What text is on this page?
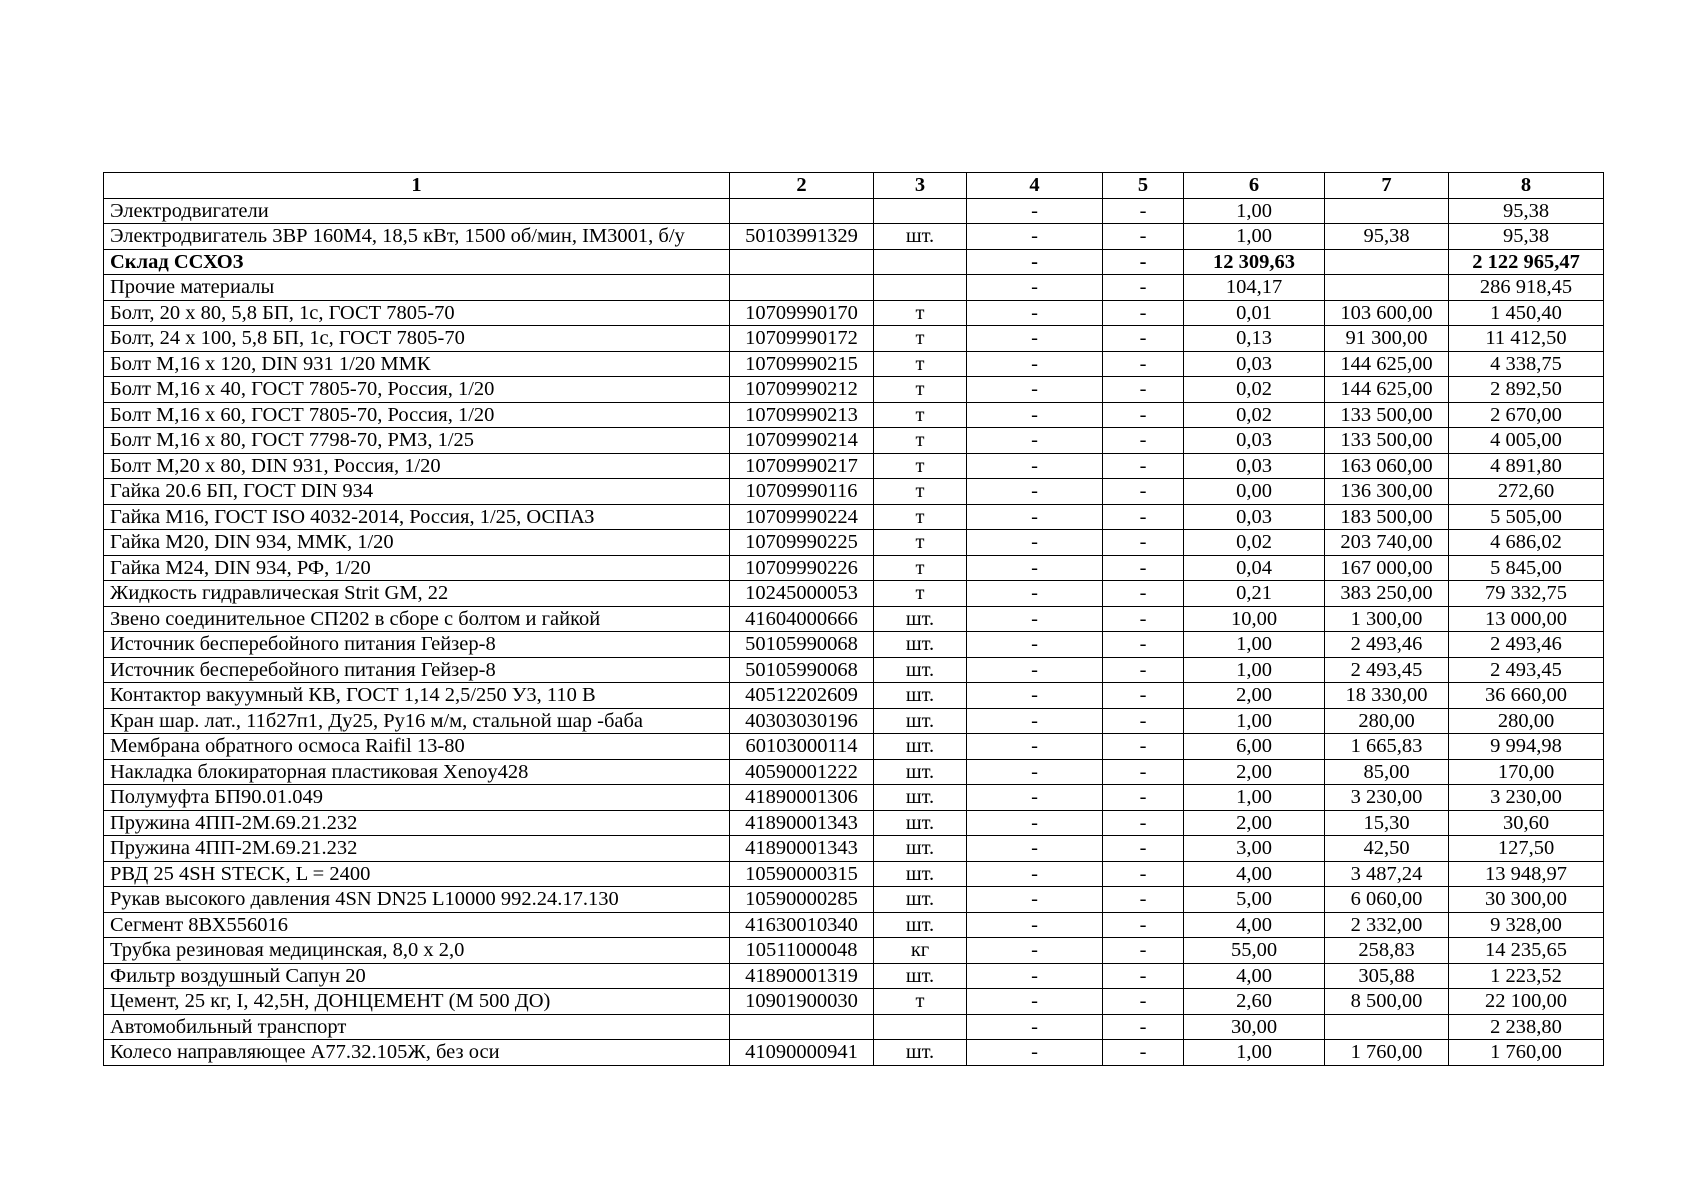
1	2	3	4	5	6	7	8
Электродвигатели			-	-	1,00		95,38
Электродвигатель 3ВР 160М4, 18,5 кВт, 1500 об/мин, IM3001, б/у	50103991329	шт.	-	-	1,00	95,38	95,38
Склад ССХОЗ			-	-	12 309,63		2 122 965,47
Прочие материалы			-	-	104,17		286 918,45
Болт, 20 х 80, 5,8 БП, 1с, ГОСТ 7805-70	10709990170	т	-	-	0,01	103 600,00	1 450,40
Болт, 24 х 100, 5,8 БП, 1с, ГОСТ 7805-70	10709990172	т	-	-	0,13	91 300,00	11 412,50
Болт М,16 х 120, DIN 931 1/20 ММК	10709990215	т	-	-	0,03	144 625,00	4 338,75
Болт М,16 х 40, ГОСТ 7805-70, Россия, 1/20	10709990212	т	-	-	0,02	144 625,00	2 892,50
Болт М,16 х 60, ГОСТ 7805-70, Россия, 1/20	10709990213	т	-	-	0,02	133 500,00	2 670,00
Болт М,16 х 80, ГОСТ 7798-70, РМЗ, 1/25	10709990214	т	-	-	0,03	133 500,00	4 005,00
Болт М,20 х 80, DIN 931, Россия, 1/20	10709990217	т	-	-	0,03	163 060,00	4 891,80
Гайка 20.6 БП, ГОСТ DIN 934	10709990116	т	-	-	0,00	136 300,00	272,60
Гайка М16, ГОСТ ISO 4032-2014, Россия, 1/25, ОСПАЗ	10709990224	т	-	-	0,03	183 500,00	5 505,00
Гайка М20, DIN 934, ММК, 1/20	10709990225	т	-	-	0,02	203 740,00	4 686,02
Гайка М24, DIN 934, РФ, 1/20	10709990226	т	-	-	0,04	167 000,00	5 845,00
Жидкость гидравлическая Strit GM, 22	10245000053	т	-	-	0,21	383 250,00	79 332,75
Звено соединительное СП202 в сборе с болтом и гайкой	41604000666	шт.	-	-	10,00	1 300,00	13 000,00
Источник бесперебойного питания Гейзер-8	50105990068	шт.	-	-	1,00	2 493,46	2 493,46
Источник бесперебойного питания Гейзер-8	50105990068	шт.	-	-	1,00	2 493,45	2 493,45
Контактор вакуумный КВ, ГОСТ 1,14 2,5/250 У3, 110 В	40512202609	шт.	-	-	2,00	18 330,00	36 660,00
Кран шар. лат., 11б27п1, Ду25, Ру16 м/м, стальной шар -баба	40303030196	шт.	-	-	1,00	280,00	280,00
Мембрана обратного осмоса Raifil 13-80	60103000114	шт.	-	-	6,00	1 665,83	9 994,98
Накладка блокираторная пластиковая Xenoy428	40590001222	шт.	-	-	2,00	85,00	170,00
Полумуфта БП90.01.049	41890001306	шт.	-	-	1,00	3 230,00	3 230,00
Пружина 4ПП-2М.69.21.232	41890001343	шт.	-	-	2,00	15,30	30,60
Пружина 4ПП-2М.69.21.232	41890001343	шт.	-	-	3,00	42,50	127,50
РВД 25 4SH STECK, L = 2400	10590000315	шт.	-	-	4,00	3 487,24	13 948,97
Рукав высокого давления 4SN DN25 L10000 992.24.17.130	10590000285	шт.	-	-	5,00	6 060,00	30 300,00
Сегмент 8ВХ556016	41630010340	шт.	-	-	4,00	2 332,00	9 328,00
Трубка резиновая медицинская, 8,0 х 2,0	10511000048	кг	-	-	55,00	258,83	14 235,65
Фильтр воздушный Сапун 20	41890001319	шт.	-	-	4,00	305,88	1 223,52
Цемент, 25 кг, I, 42,5Н, ДОНЦЕМЕНТ (М 500 ДО)	10901900030	т	-	-	2,60	8 500,00	22 100,00
Автомобильный транспорт			-	-	30,00		2 238,80
Колесо направляющее А77.32.105Ж, без оси	41090000941	шт.	-	-	1,00	1 760,00	1 760,00
